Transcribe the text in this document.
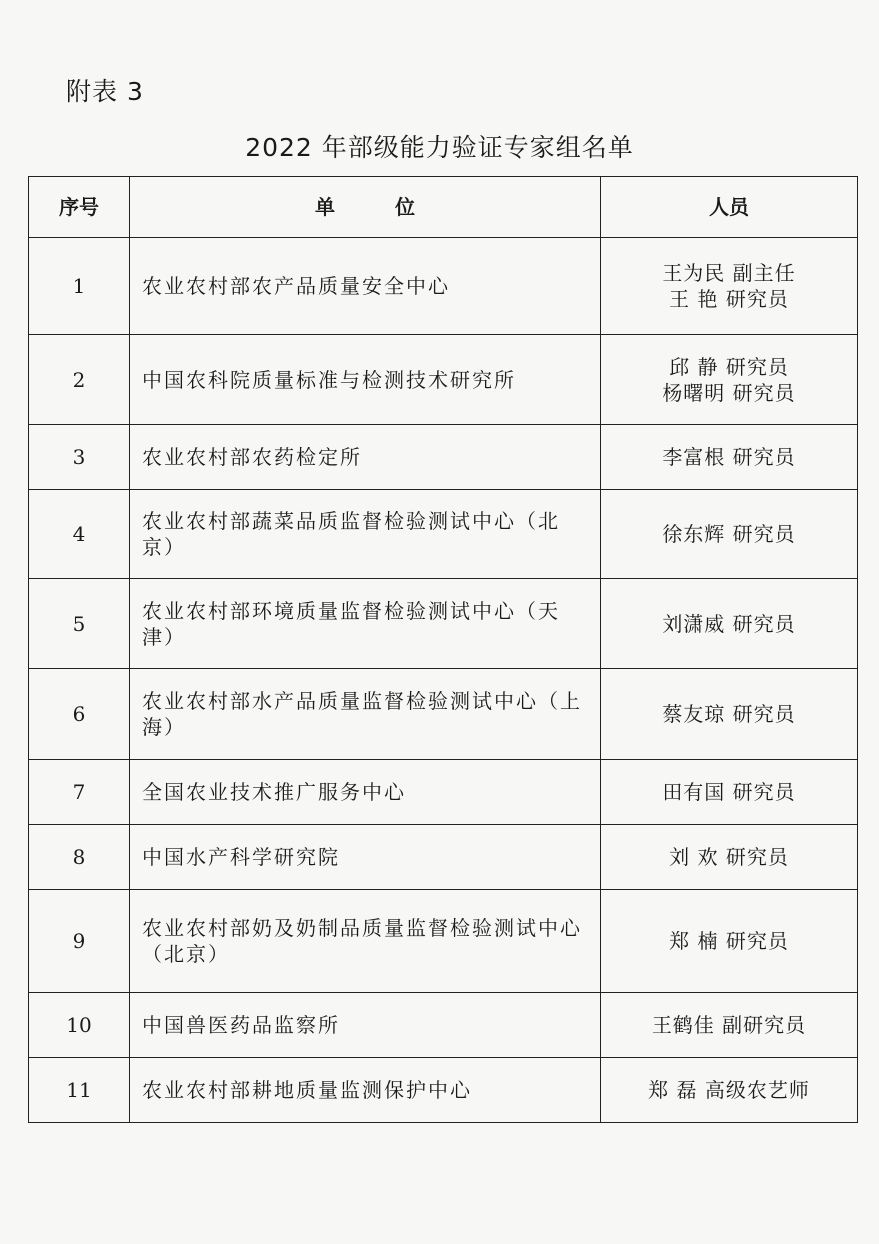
附表 3
2022 年部级能力验证专家组名单
序号	单位	人员
1	农业农村部农产品质量安全中心	王为民 副主任
王 艳 研究员

2	中国农科院质量标准与检测技术研究所	邱 静 研究员
杨曙明 研究员

3	农业农村部农药检定所	李富根 研究员

4	农业农村部蔬菜品质监督检验测试中心（北京）	徐东辉 研究员

5	农业农村部环境质量监督检验测试中心（天津）	刘潇威 研究员

6	农业农村部水产品质量监督检验测试中心（上海）	蔡友琼 研究员

7	全国农业技术推广服务中心	田有国 研究员

8	中国水产科学研究院	刘 欢 研究员

9	农业农村部奶及奶制品质量监督检验测试中心 （北京）	郑 楠 研究员

10	中国兽医药品监察所	王鹤佳 副研究员

11	农业农村部耕地质量监测保护中心	郑 磊 高级农艺师
